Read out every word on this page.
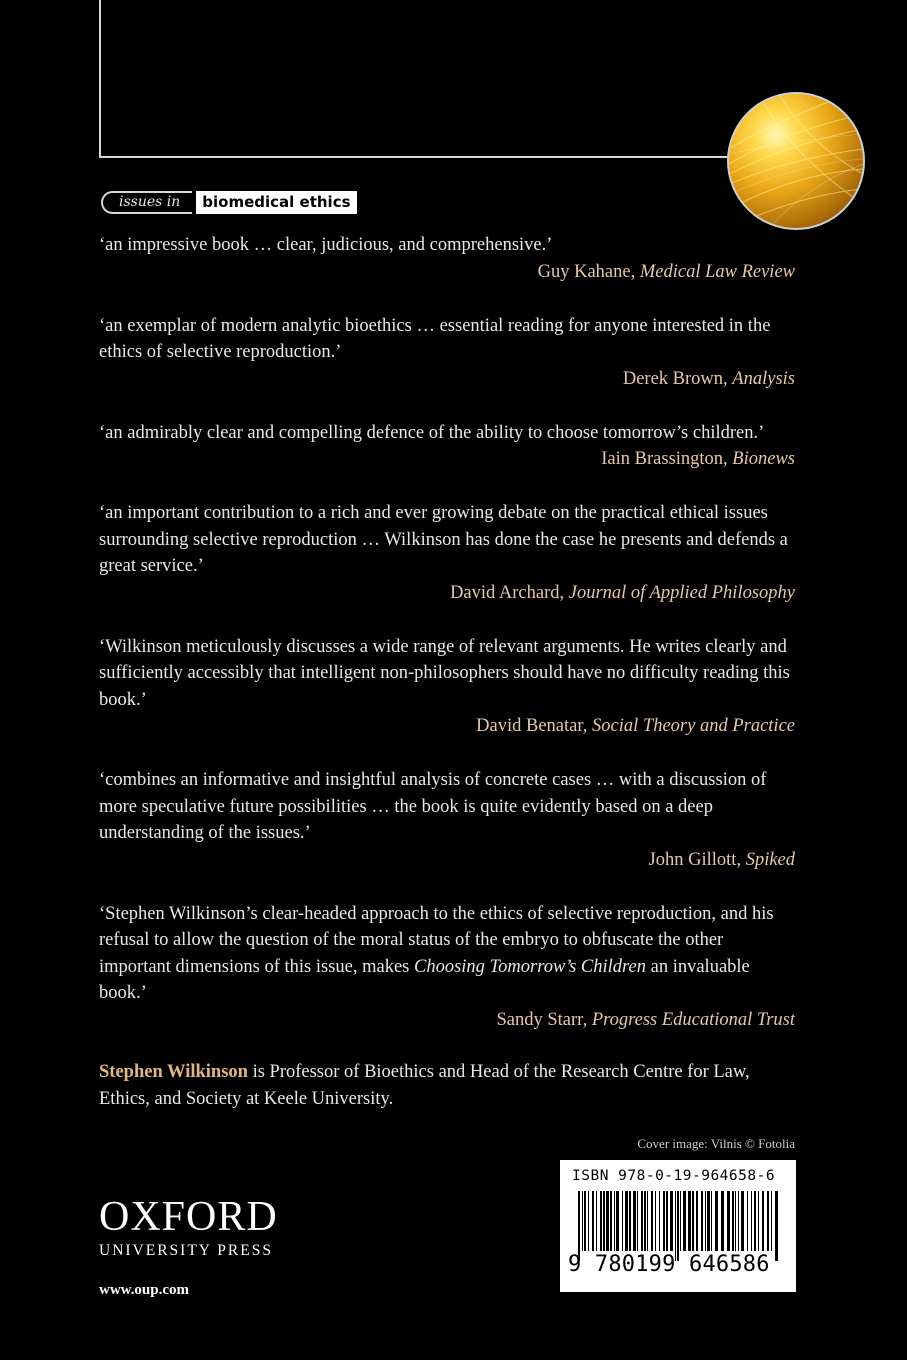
issues in	biomedical ethics
‘an impressive book … clear, judicious, and comprehensive.’
Guy Kahane, Medical Law Review
‘an exemplar of modern analytic bioethics … essential reading for anyone interested in the ethics of selective reproduction.’
Derek Brown, Analysis
‘an admirably clear and compelling defence of the ability to choose tomorrow’s children.’
Iain Brassington, Bionews
‘an important contribution to a rich and ever growing debate on the practical ethical issues surrounding selective reproduction … Wilkinson has done the case he presents and defends a great service.’
David Archard, Journal of Applied Philosophy
‘Wilkinson meticulously discusses a wide range of relevant arguments. He writes clearly and sufficiently accessibly that intelligent non-philosophers should have no difficulty reading this book.’
David Benatar, Social Theory and Practice
‘combines an informative and insightful analysis of concrete cases … with a discussion of more speculative future possibilities … the book is quite evidently based on a deep understanding of the issues.’
John Gillott, Spiked
‘Stephen Wilkinson’s clear-headed approach to the ethics of selective reproduction, and his refusal to allow the question of the moral status of the embryo to obfuscate the other important dimensions of this issue, makes Choosing Tomorrow’s Children an invaluable book.’
Sandy Starr, Progress Educational Trust
Stephen Wilkinson is Professor of Bioethics and Head of the Research Centre for Law, Ethics, and Society at Keele University.
Cover image: Vilnis © Fotolia
ISBN 978-0-19-964658-6
9 780199 646586
OXFORD
UNIVERSITY PRESS
www.oup.com
